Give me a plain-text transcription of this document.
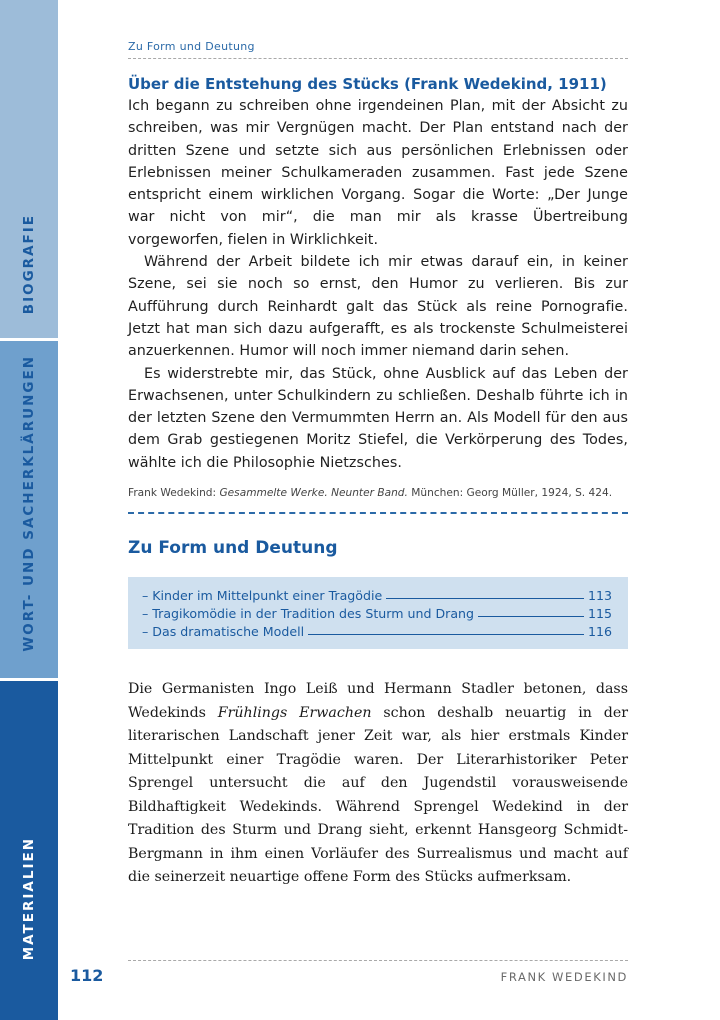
BIOGRAFIE
WORT- UND SACHERKLÄRUNGEN
MATERIALIEN
Zu Form und Deutung
Über die Entstehung des Stücks (Frank Wedekind, 1911)

Ich begann zu schreiben ohne irgendeinen Plan, mit der Absicht zu schreiben, was mir Vergnügen macht. Der Plan entstand nach der dritten Szene und setzte sich aus persönlichen Erlebnissen oder Erlebnissen meiner Schulkameraden zusammen. Fast jede Szene entspricht einem wirklichen Vorgang. Sogar die Worte: „Der Junge war nicht von mir“, die man mir als krasse Übertreibung vorgeworfen, fielen in Wirklichkeit.

Während der Arbeit bildete ich mir etwas darauf ein, in keiner Szene, sei sie noch so ernst, den Humor zu verlieren. Bis zur Aufführung durch Reinhardt galt das Stück als reine Pornografie. Jetzt hat man sich dazu aufgerafft, es als trockenste Schulmeisterei anzuerkennen. Humor will noch immer niemand darin sehen.

Es widerstrebte mir, das Stück, ohne Ausblick auf das Leben der Erwachsenen, unter Schulkindern zu schließen. Deshalb führte ich in der letzten Szene den Vermummten Herrn an. Als Modell für den aus dem Grab gestiegenen Moritz Stiefel, die Verkörperung des Todes, wählte ich die Philosophie Nietzsches.

Frank Wedekind: Gesammelte Werke. Neunter Band. München: Georg Müller, 1924, S. 424.
Zu Form und Deutung
– Kinder im Mittelpunkt einer Tragödie	113
– Tragikomödie in der Tradition des Sturm und Drang	115
– Das dramatische Modell	116

Die Germanisten Ingo Leiß und Hermann Stadler betonen, dass Wedekinds Frühlings Erwachen schon deshalb neuartig in der literarischen Landschaft jener Zeit war, als hier erstmals Kinder Mittelpunkt einer Tragödie waren. Der Literarhistoriker Peter Sprengel untersucht die auf den Jugendstil vorausweisende Bildhaftigkeit Wedekinds. Während Sprengel Wedekind in der Tradition des Sturm und Drang sieht, erkennt Hansgeorg Schmidt-Bergmann in ihm einen Vorläufer des Surrealismus und macht auf die seinerzeit neuartige offene Form des Stücks aufmerksam.

112	FRANK WEDEKIND
